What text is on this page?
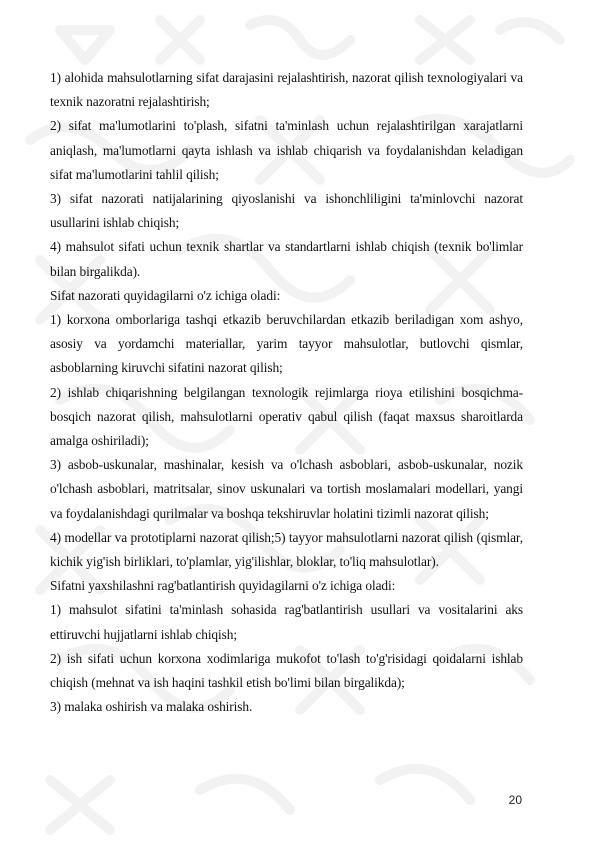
1) alohida mahsulotlarning sifat darajasini rejalashtirish, nazorat qilish texnologiyalari va texnik nazoratni rejalashtirish;

2) sifat ma'lumotlarini to'plash, sifatni ta'minlash uchun rejalashtirilgan xarajatlarni aniqlash, ma'lumotlarni qayta ishlash va ishlab chiqarish va foydalanishdan keladigan sifat ma'lumotlarini tahlil qilish;

3) sifat nazorati natijalarining qiyoslanishi va ishonchliligini ta'minlovchi nazorat usullarini ishlab chiqish;

4) mahsulot sifati uchun texnik shartlar va standartlarni ishlab chiqish (texnik bo'limlar bilan birgalikda).

Sifat nazorati quyidagilarni o'z ichiga oladi:

1) korxona omborlariga tashqi etkazib beruvchilardan etkazib beriladigan xom ashyo, asosiy va yordamchi materiallar, yarim tayyor mahsulotlar, butlovchi qismlar, asboblarning kiruvchi sifatini nazorat qilish;

2) ishlab chiqarishning belgilangan texnologik rejimlarga rioya etilishini bosqichma-bosqich nazorat qilish, mahsulotlarni operativ qabul qilish (faqat maxsus sharoitlarda amalga oshiriladi);

3) asbob-uskunalar, mashinalar, kesish va o'lchash asboblari, asbob-uskunalar, nozik o'lchash asboblari, matritsalar, sinov uskunalari va tortish moslamalari modellari, yangi va foydalanishdagi qurilmalar va boshqa tekshiruvlar holatini tizimli nazorat qilish;

4) modellar va prototiplarni nazorat qilish;5) tayyor mahsulotlarni nazorat qilish (qismlar, kichik yig'ish birliklari, to'plamlar, yig'ilishlar, bloklar, to'liq mahsulotlar).

Sifatni yaxshilashni rag'batlantirish quyidagilarni o'z ichiga oladi:

1) mahsulot sifatini ta'minlash sohasida rag'batlantirish usullari va vositalarini aks ettiruvchi hujjatlarni ishlab chiqish;

2) ish sifati uchun korxona xodimlariga mukofot to'lash to'g'risidagi qoidalarni ishlab chiqish (mehnat va ish haqini tashkil etish bo'limi bilan birgalikda);

3) malaka oshirish va malaka oshirish.

20
